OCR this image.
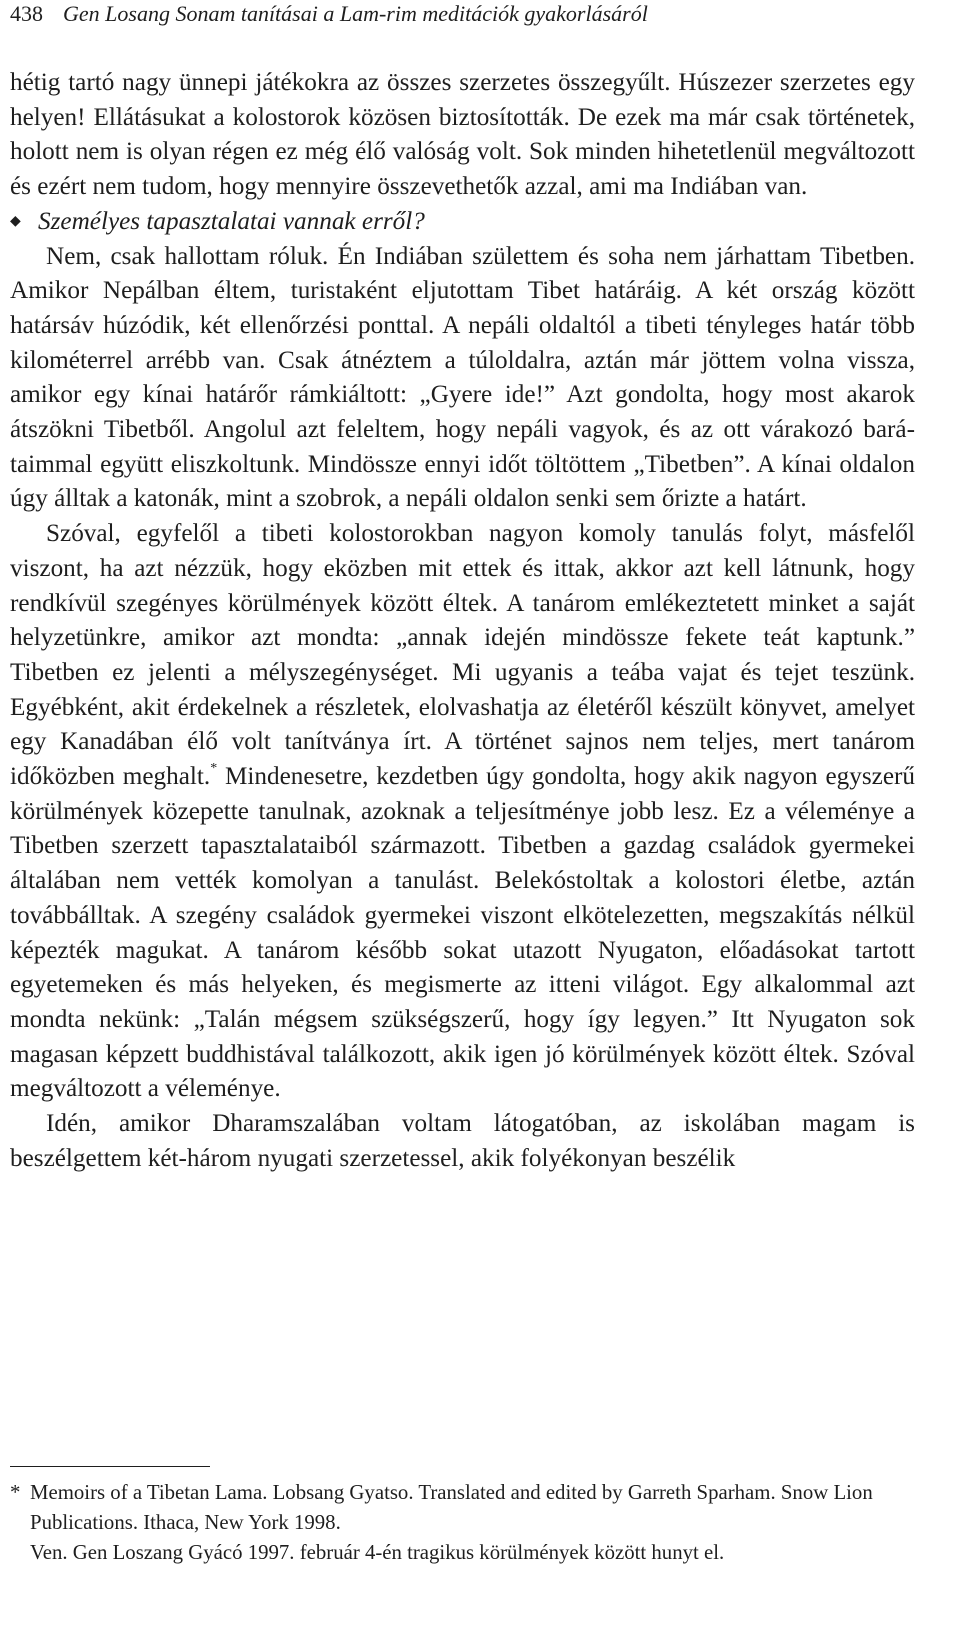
438 Gen Losang Sonam tanításai a Lam-rim meditációk gyakorlásáról

hétig tartó nagy ünnepi játékokra az összes szerzetes összegyűlt. Húszezer szerzetes egy helyen! Ellátásukat a kolostorok közösen biztosították. De ezek ma már csak történetek, holott nem is olyan régen ez még élő valóság volt. Sok minden hihetetlenül megváltozott és ezért nem tudom, hogy mennyire összevethetők azzal, ami ma Indiában van.

◆ Személyes tapasztalatai vannak erről?

Nem, csak hallottam róluk. Én Indiában születtem és soha nem járhattam Tibetben. Amikor Nepálban éltem, turistaként eljutottam Tibet határáig. A két ország között határsáv húzódik, két ellenőrzési ponttal. A nepáli oldaltól a tibeti tényleges határ több kilométerrel arrébb van. Csak átnéztem a túloldalra, aztán már jöttem volna vissza, amikor egy kínai határőr rámkiáltott: „Gyere ide!” Azt gondolta, hogy most akarok átszökni Tibetből. Angolul azt feleltem, hogy nepáli vagyok, és az ott várakozó barátaimmal együtt eliszkoltunk. Mindössze ennyi időt töltöttem „Tibetben”. A kínai oldalon úgy álltak a katonák, mint a szobrok, a nepáli oldalon senki sem őrizte a határt.

Szóval, egyfelől a tibeti kolostorokban nagyon komoly tanulás folyt, másfelől viszont, ha azt nézzük, hogy eközben mit ettek és ittak, akkor azt kell látnunk, hogy rendkívül szegényes körülmények között éltek. A tanárom emlékeztetett minket a saját helyzetünkre, amikor azt mondta: „annak idején mindössze fekete teát kaptunk.” Tibetben ez jelenti a mélyszegénységet. Mi ugyanis a teába vajat és tejet teszünk. Egyébként, akit érdekelnek a részletek, elolvashatja az életéről készült könyvet, amelyet egy Kanadában élő volt tanítványa írt. A történet sajnos nem teljes, mert tanárom időközben meghalt.* Mindenesetre, kezdetben úgy gondolta, hogy akik nagyon egyszerű körülmények közepette tanulnak, azoknak a teljesítménye jobb lesz. Ez a véleménye a Tibetben szerzett tapasztalataiból származott. Tibetben a gazdag családok gyermekei általában nem vették komolyan a tanulást. Belekóstoltak a kolostori életbe, aztán továbbálltak. A szegény családok gyermekei viszont elkötelezetten, megszakítás nélkül képezték magukat. A tanárom később sokat utazott Nyugaton, előadásokat tartott egyetemeken és más helyeken, és megismerte az itteni világot. Egy alkalommal azt mondta nekünk: „Talán mégsem szükségszerű, hogy így legyen.” Itt Nyugaton sok magasan képzett buddhistával találkozott, akik igen jó körülmények között éltek. Szóval megváltozott a véleménye.

Idén, amikor Dharamszalában voltam látogatóban, az iskolában magam is beszélgettem két-három nyugati szerzetessel, akik folyékonyan beszélik

* Memoirs of a Tibetan Lama. Lobsang Gyatso. Translated and edited by Garreth Sparham. Snow Lion Publications. Ithaca, New York 1998.

Ven. Gen Loszang Gyácó 1997. február 4-én tragikus körülmények között hunyt el.
